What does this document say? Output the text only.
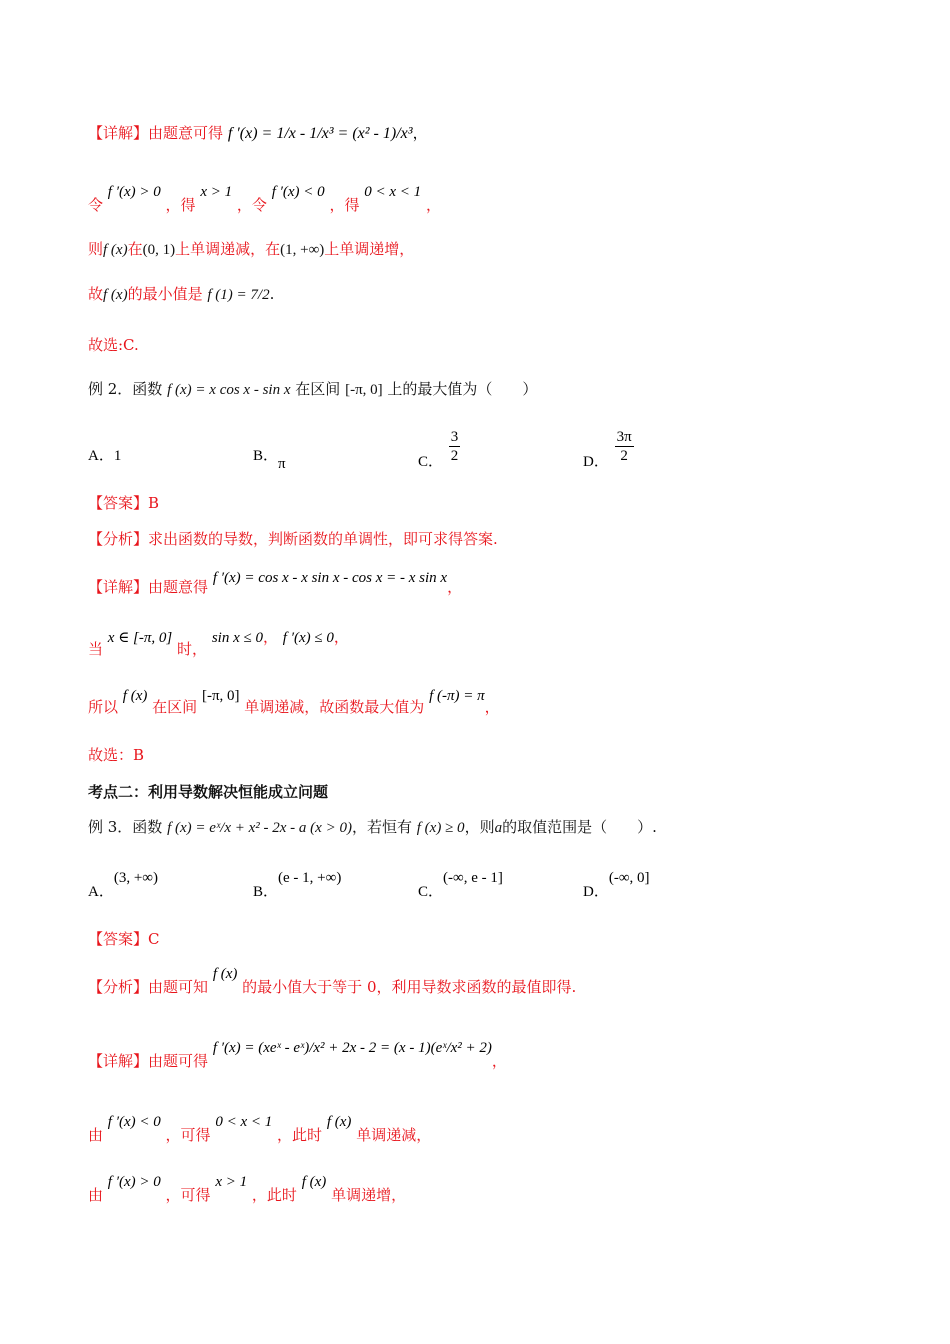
【详解】由题意可得 f ′(x) = 1/x - 1/x³ = (x² - 1)/x³，
令 f ′(x) > 0 ，得 x > 1 ，令 f ′(x) < 0 ，得 0 < x < 1 ，
则f (x)在(0, 1)上单调递减，在(1, +∞)上单调递增，
故f (x)的最小值是 f (1) = 7/2.
故选:C.
例 2．函数 f (x) = x cos x - sin x 在区间 [-π, 0] 上的最大值为（　　）
A．1	B．π	C． $\frac{3}{2}$	D． $\frac{3\pi}{2}$
【答案】B
【分析】求出函数的导数，判断函数的单调性，即可求得答案.
【详解】由题意得 f ′(x) = cos x - x sin x - cos x = - x sin x，
当 x ∈ [-π, 0] 时， sin x ≤ 0， f ′(x) ≤ 0，
所以 f (x) 在区间 [-π, 0] 单调递减，故函数最大值为 f (-π) = π，
故选：B
考点二：利用导数解决恒能成立问题
例 3．函数 f (x) = eˣ/x + x² - 2x - a (x > 0)，若恒有 f (x) ≥ 0，则a的取值范围是（　　）.
A．(3, +∞)
B．(e - 1, +∞)
C．(-∞, e - 1]
D．(-∞, 0]
【答案】C
【分析】由题可知 f (x) 的最小值大于等于 0，利用导数求函数的最值即得.
【详解】由题可得 f ′(x) = (xeˣ - eˣ)/x² + 2x - 2 = (x - 1)(eˣ/x² + 2)，
由 f ′(x) < 0 ，可得 0 < x < 1 ，此时 f (x) 单调递减，
由 f ′(x) > 0 ，可得 x > 1 ，此时 f (x) 单调递增，
